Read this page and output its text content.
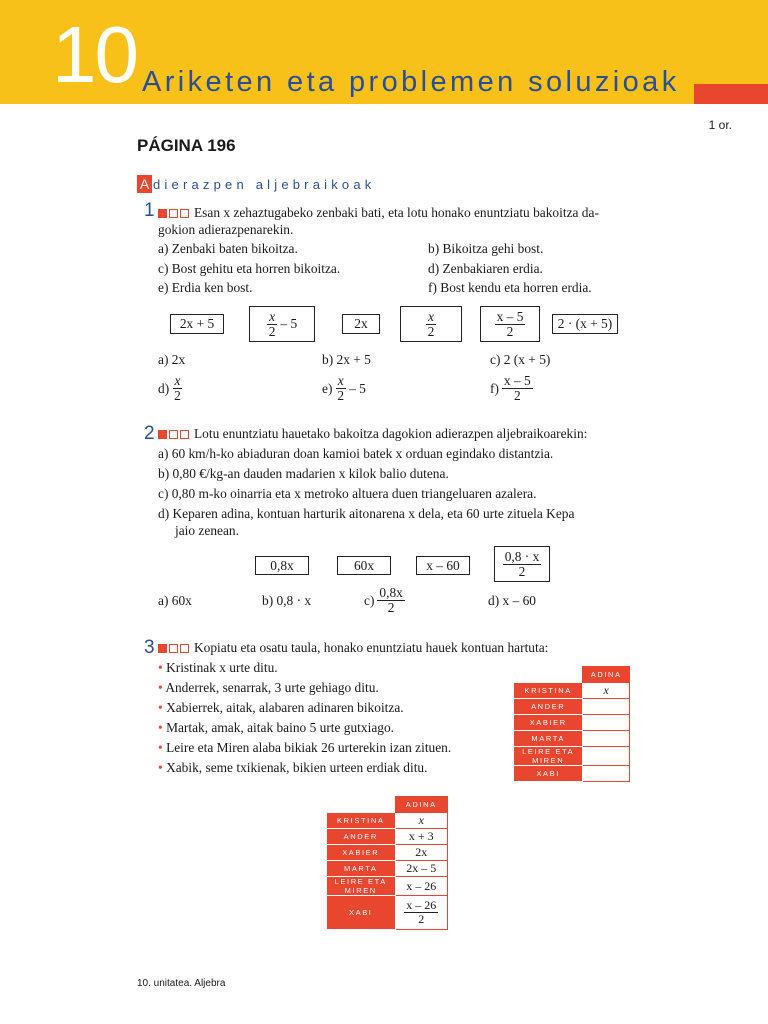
10 Ariketen eta problemen soluzioak
1 or.
PÁGINA 196
A dierazpen aljebraikoak
1	Esan x zehaztugabeko zenbaki bati, eta lotu honako enuntziatu bakoitza da-
gokion adierazpenarekin.
a) Zenbaki baten bikoitza.	b) Bikoitza gehi bost.
c) Bost gehitu eta horren bikoitza.	d) Zenbakiaren erdia.
e) Erdia ken bost.	f) Bost kendu eta horren erdia.
2x + 5	$\frac{x}{2} - 5$	2x	$\frac{x}{2}$	$\frac{x - 5}{2} 2 \cdot (x + 5)$
a) 2x	b) 2x + 5	c) 2 (x + 5)
$d) \frac{x}{2}$	$e) \frac{x}{2} - 5$	$f) \frac{x - 5}{2}$
2	Lotu enuntziatu hauetako bakoitza dagokion adierazpen aljebraikoarekin:
a) 60 km/h-ko abiaduran doan kamioi batek x orduan egindako distantzia.
b) 0,80 €/kg-an dauden madarien x kilok balio dutena.
c) 0,80 m-ko oinarria eta x metroko altuera duen triangeluaren azalera.
d) Keparen adina, kontuan harturik aitonarena x dela, eta 60 urte zituela Kepa
jaio zenean.
0,8x	60x	x – 60	$\frac{0,8 \cdot x}{2}$
a) 60x	b) 0,8 · x	$c) \frac{0,8x}{2}$	d) x – 60
3	Kopiatu eta osatu taula, honako enuntziatu hauek kontuan hartuta:
• Kristinak x urte ditu.
• Anderrek, senarrak, 3 urte gehiago ditu.
• Xabierrek, aitak, alabaren adinaren bikoitza.
• Martak, amak, aitak baino 5 urte gutxiago.
• Leire eta Miren alaba bikiak 26 urterekin izan zituen.
• Xabik, seme txikienak, bikien urteen erdiak ditu.
	ADINA
KRISTINA	x
ANDER	
XABIER	
MARTA	
LEIRE ETA MIREN	
XABI	
	ADINA
KRISTINA	x
ANDER	x + 3
XABIER	2x
MARTA	2x – 5
LEIRE ETA MIREN	x – 26
XABI	$\frac{x - 26}{2}$
10. unitatea. Aljebra
